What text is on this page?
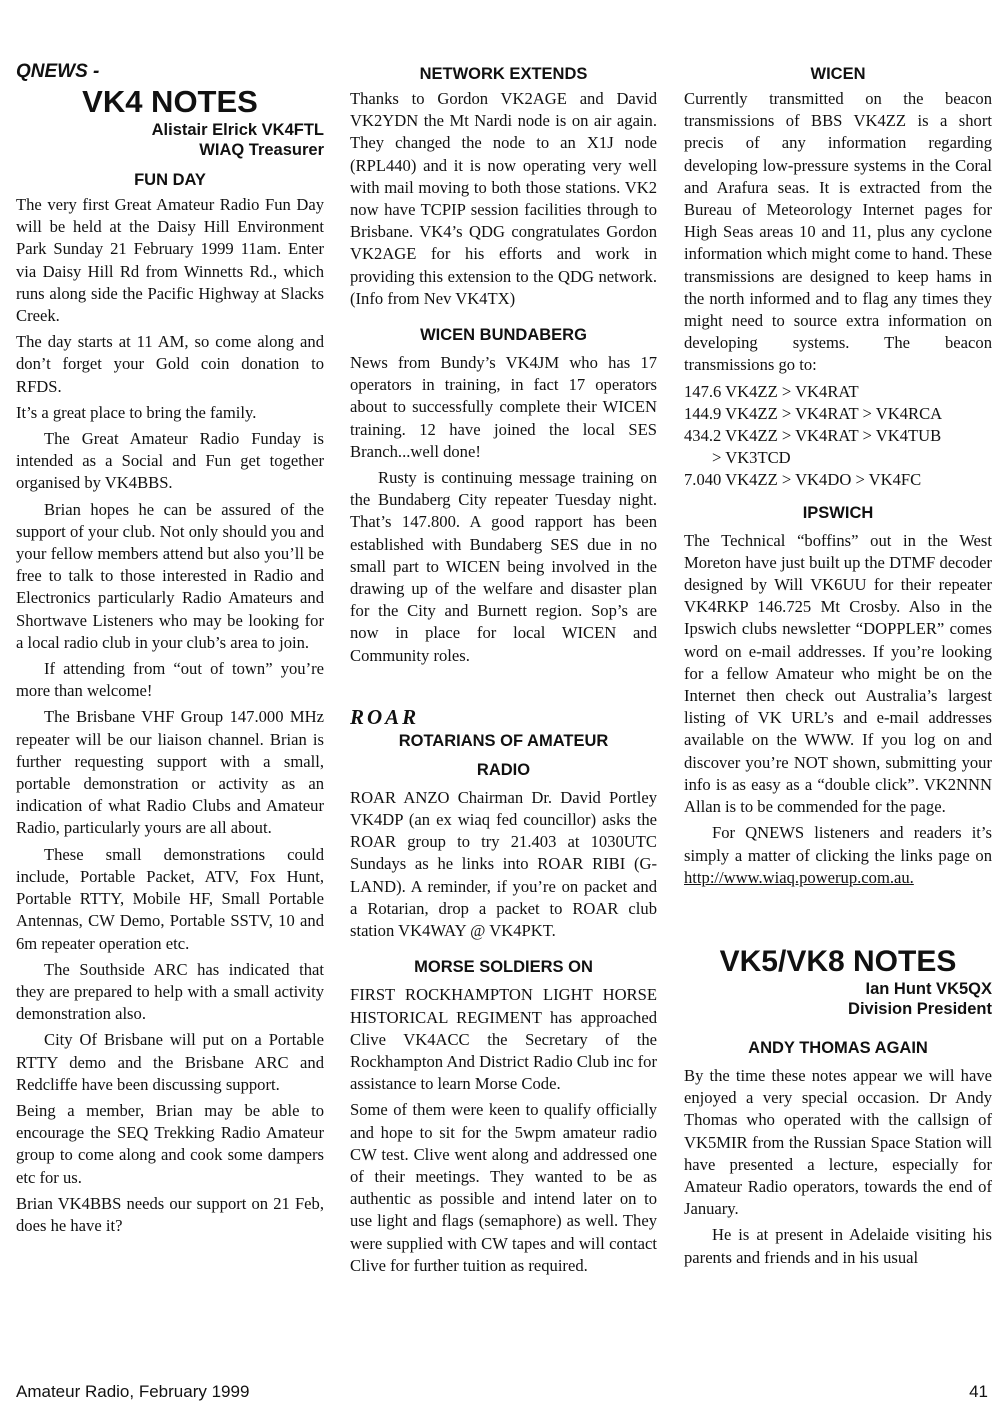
QNEWS -
VK4 NOTES
Alistair Elrick VK4FTL
WIAQ Treasurer
FUN DAY

The very first Great Amateur Radio Fun Day will be held at the Daisy Hill Environment Park Sunday 21 February 1999 11am. Enter via Daisy Hill Rd from Winnetts Rd., which runs along side the Pacific Highway at Slacks Creek.

The day starts at 11 AM, so come along and don’t forget your Gold coin donation to RFDS.

It’s a great place to bring the family.

The Great Amateur Radio Funday is intended as a Social and Fun get together organised by VK4BBS.

Brian hopes he can be assured of the support of your club. Not only should you and your fellow members attend but also you’ll be free to talk to those interested in Radio and Electronics particularly Radio Amateurs and Shortwave Listeners who may be looking for a local radio club in your club’s area to join.

If attending from “out of town” you’re more than welcome!

The Brisbane VHF Group 147.000 MHz repeater will be our liaison channel. Brian is further requesting support with a small, portable demonstration or activity as an indication of what Radio Clubs and Amateur Radio, particularly yours are all about.

These small demonstrations could include, Portable Packet, ATV, Fox Hunt, Portable RTTY, Mobile HF, Small Portable Antennas, CW Demo, Portable SSTV, 10 and 6m repeater operation etc.

The Southside ARC has indicated that they are prepared to help with a small activity demonstration also.

City Of Brisbane will put on a Portable RTTY demo and the Brisbane ARC and Redcliffe have been discussing support.

Being a member, Brian may be able to encourage the SEQ Trekking Radio Amateur group to come along and cook some dampers etc for us.

Brian VK4BBS needs our support on 21 Feb, does he have it?

NETWORK EXTENDS

Thanks to Gordon VK2AGE and David VK2YDN the Mt Nardi node is on air again. They changed the node to an X1J node (RPL440) and it is now operating very well with mail moving to both those stations. VK2 now have TCPIP session facilities through to Brisbane. VK4’s QDG congratulates Gordon VK2AGE for his efforts and work in providing this extension to the QDG network. (Info from Nev VK4TX)

WICEN BUNDABERG

News from Bundy’s VK4JM who has 17 operators in training, in fact 17 operators about to successfully complete their WICEN training. 12 have joined the local SES Branch...well done!

Rusty is continuing message training on the Bundaberg City repeater Tuesday night. That’s 147.800. A good rapport has been established with Bundaberg SES due in no small part to WICEN being involved in the drawing up of the welfare and disaster plan for the City and Burnett region. Sop’s are now in place for local WICEN and Community roles.

ROAR
ROTARIANS OF AMATEUR
RADIO

ROAR ANZO Chairman Dr. David Portley VK4DP (an ex wiaq fed councillor) asks the ROAR group to try 21.403 at 1030UTC Sundays as he links into ROAR RIBI (G-LAND). A reminder, if you’re on packet and a Rotarian, drop a packet to ROAR club station VK4WAY @ VK4PKT.

MORSE SOLDIERS ON

FIRST ROCKHAMPTON LIGHT HORSE HISTORICAL REGIMENT has approached Clive VK4ACC the Secretary of the Rockhampton And District Radio Club inc for assistance to learn Morse Code.

Some of them were keen to qualify officially and hope to sit for the 5wpm amateur radio CW test. Clive went along and addressed one of their meetings. They wanted to be as authentic as possible and intend later on to use light and flags (semaphore) as well. They were supplied with CW tapes and will contact Clive for further tuition as required.

WICEN

Currently transmitted on the beacon transmissions of BBS VK4ZZ is a short precis of any information regarding developing low-pressure systems in the Coral and Arafura seas. It is extracted from the Bureau of Meteorology Internet pages for High Seas areas 10 and 11, plus any cyclone information which might come to hand. These transmissions are designed to keep hams in the north informed and to flag any times they might need to source extra information on developing systems. The beacon transmissions go to:

147.6 VK4ZZ > VK4RAT
144.9 VK4ZZ > VK4RAT > VK4RCA
434.2 VK4ZZ > VK4RAT > VK4TUB
> VK3TCD
7.040 VK4ZZ > VK4DO > VK4FC
IPSWICH

The Technical “boffins” out in the West Moreton have just built up the DTMF decoder designed by Will VK6UU for their repeater VK4RKP 146.725 Mt Crosby. Also in the Ipswich clubs newsletter “DOPPLER” comes word on e-mail addresses. If you’re looking for a fellow Amateur who might be on the Internet then check out Australia’s largest listing of VK URL’s and e-mail addresses available on the WWW. If you log on and discover you’re NOT shown, submitting your info is as easy as a “double click”. VK2NNN Allan is to be commended for the page.

For QNEWS listeners and readers it’s simply a matter of clicking the links page on http://www.wiaq.powerup.com.au.

VK5/VK8 NOTES
Ian Hunt VK5QX
Division President
ANDY THOMAS AGAIN

By the time these notes appear we will have enjoyed a very special occasion. Dr Andy Thomas who operated with the callsign of VK5MIR from the Russian Space Station will have presented a lecture, especially for Amateur Radio operators, towards the end of January.

He is at present in Adelaide visiting his parents and friends and in his usual

Amateur Radio, February 1999	41
